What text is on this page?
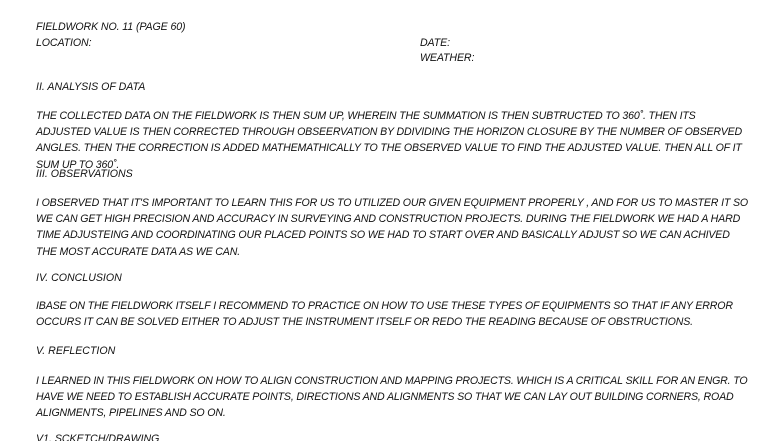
FIELDWORK NO. 11 (PAGE 60)
LOCATION:	DATE:
WEATHER:
II. ANALYSIS OF DATA

THE COLLECTED DATA ON THE FIELDWORK IS THEN SUM UP, WHEREIN THE SUMMATION IS THEN SUBTRUCTED TO 360˚. THEN ITS ADJUSTED VALUE IS THEN CORRECTED THROUGH OBSEERVATION BY DDIVIDING THE HORIZON CLOSURE BY THE NUMBER OF OBSERVED ANGLES. THEN THE CORRECTION IS ADDED MATHEMATHICALLY TO THE OBSERVED VALUE TO FIND THE ADJUSTED VALUE. THEN ALL OF IT SUM UP TO 360˚.

III. OBSERVATIONS

I OBSERVED THAT IT'S IMPORTANT TO LEARN THIS FOR US TO UTILIZED OUR GIVEN EQUIPMENT PROPERLY , AND FOR US TO MASTER IT SO WE CAN GET HIGH PRECISION AND ACCURACY IN SURVEYING AND CONSTRUCTION PROJECTS. DURING THE FIELDWORK WE HAD A HARD TIME ADJUSTEING AND COORDINATING OUR PLACED POINTS SO WE HAD TO START OVER AND BASICALLY ADJUST SO WE CAN ACHIVED THE MOST ACCURATE DATA AS WE CAN.

IV. CONCLUSION

IBASE ON THE FIELDWORK ITSELF I RECOMMEND TO PRACTICE ON HOW TO USE THESE TYPES OF EQUIPMENTS SO THAT IF ANY ERROR OCCURS IT CAN BE SOLVED EITHER TO ADJUST THE INSTRUMENT ITSELF OR REDO THE READING BECAUSE OF OBSTRUCTIONS.

V. REFLECTION

I LEARNED IN THIS FIELDWORK ON HOW TO ALIGN CONSTRUCTION AND MAPPING PROJECTS. WHICH IS A CRITICAL SKILL FOR AN ENGR. TO HAVE WE NEED TO ESTABLISH ACCURATE POINTS, DIRECTIONS AND ALIGNMENTS SO THAT WE CAN LAY OUT BUILDING CORNERS, ROAD ALIGNMENTS, PIPELINES AND SO ON.

V1. SCKETCH/DRAWING
